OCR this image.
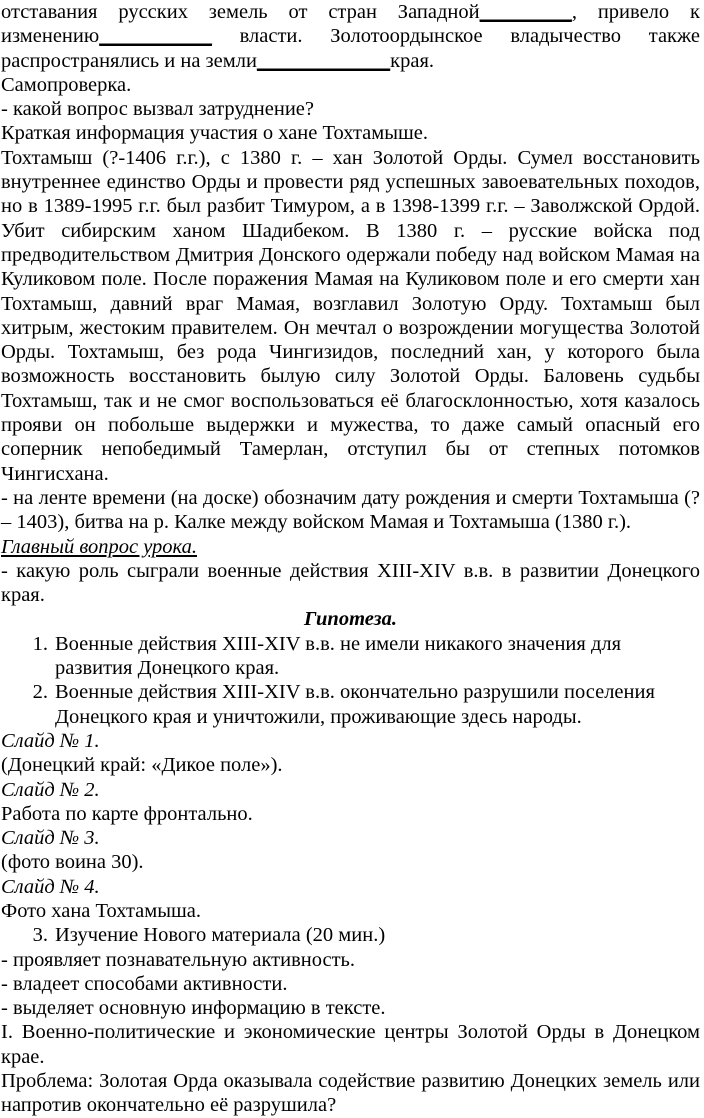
отставания русских земель от стран Западной_________, привело к изменению___________ власти. Золотоордынское владычество также распространялись и на земли_____________края.

Самопроверка.

- какой вопрос вызвал затруднение?

Краткая информация участия о хане Тохтамыше.

Тохтамыш (?-1406 г.г.), с 1380 г. – хан Золотой Орды. Сумел восстановить внутреннее единство Орды и провести ряд успешных завоевательных походов, но в 1389-1995 г.г. был разбит Тимуром, а в 1398-1399 г.г. – Заволжской Ордой. Убит сибирским ханом Шадибеком. В 1380 г. – русские войска под предводительством Дмитрия Донского одержали победу над войском Мамая на Куликовом поле. После поражения Мамая на Куликовом поле и его смерти хан Тохтамыш, давний враг Мамая, возглавил Золотую Орду. Тохтамыш был хитрым, жестоким правителем. Он мечтал о возрождении могущества Золотой Орды. Тохтамыш, без рода Чингизидов, последний хан, у которого была возможность восстановить былую силу Золотой Орды. Баловень судьбы Тохтамыш, так и не смог воспользоваться её благосклонностью, хотя казалось прояви он побольше выдержки и мужества, то даже самый опасный его соперник непобедимый Тамерлан, отступил бы от степных потомков Чингисхана.

- на ленте времени (на доске) обозначим дату рождения и смерти Тохтамыша (? – 1403), битва на р. Калке между войском Мамая и Тохтамыша (1380 г.).

Главный вопрос урока.

- какую роль сыграли военные действия XIII-XIV в.в. в развитии Донецкого края.

Гипотеза.

1. Военные действия XIII-XIV в.в. не имели никакого значения для развития Донецкого края.
2. Военные действия XIII-XIV в.в. окончательно разрушили поселения Донецкого края и уничтожили, проживающие здесь народы.

Слайд № 1.

(Донецкий край: «Дикое поле»).

Слайд № 2.

Работа по карте фронтально.

Слайд № 3.

(фото воина 30).

Слайд № 4.

Фото хана Тохтамыша.

3. Изучение Нового материала (20 мин.)

- проявляет познавательную активность.

- владеет способами активности.

- выделяет основную информацию в тексте.

I. Военно-политические и экономические центры Золотой Орды в Донецком крае.

Проблема: Золотая Орда оказывала содействие развитию Донецких земель или напротив окончательно её разрушила?
